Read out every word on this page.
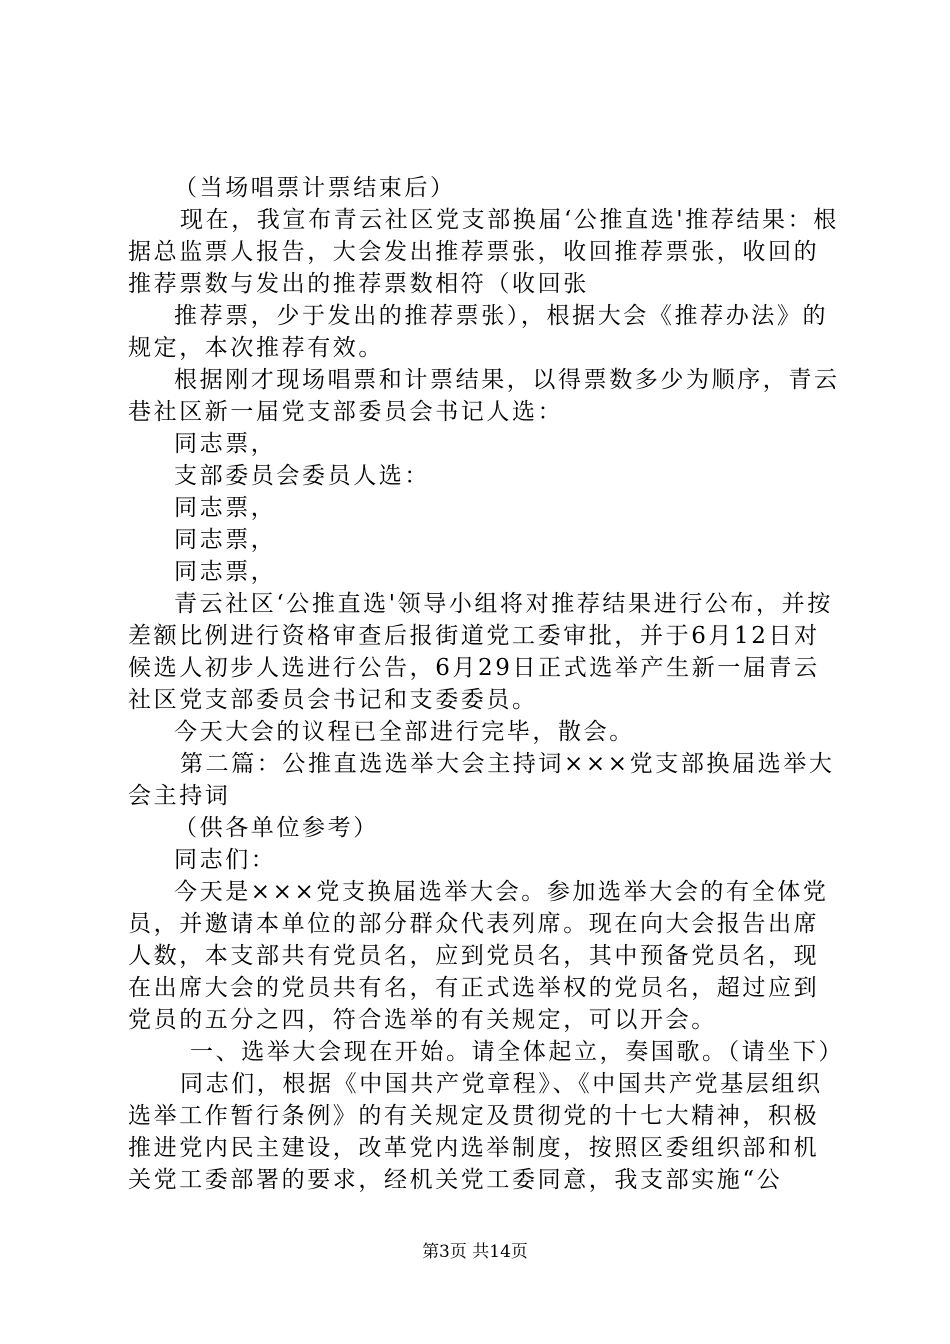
（当场唱票计票结束后）

现在，我宣布青云社区党支部换届‘公推直选'推荐结果：根据总监票人报告，大会发出推荐票张，收回推荐票张，收回的推荐票数与发出的推荐票数相符（收回张

推荐票，少于发出的推荐票张），根据大会《推荐办法》的规定，本次推荐有效。

根据刚才现场唱票和计票结果，以得票数多少为顺序，青云巷社区新一届党支部委员会书记人选：

同志票，

支部委员会委员人选：

同志票，

同志票，

同志票，

青云社区‘公推直选'领导小组将对推荐结果进行公布，并按差额比例进行资格审查后报街道党工委审批，并于6月12日对候选人初步人选进行公告，6月29日正式选举产生新一届青云社区党支部委员会书记和支委委员。

今天大会的议程已全部进行完毕，散会。

第二篇：公推直选选举大会主持词×××党支部换届选举大会主持词

（供各单位参考）

同志们：

今天是×××党支换届选举大会。参加选举大会的有全体党员，并邀请本单位的部分群众代表列席。现在向大会报告出席人数，本支部共有党员名，应到党员名，其中预备党员名，现在出席大会的党员共有名，有正式选举权的党员名，超过应到党员的五分之四，符合选举的有关规定，可以开会。

一、选举大会现在开始。请全体起立，奏国歌。（请坐下）

同志们，根据《中国共产党章程》、《中国共产党基层组织选举工作暂行条例》的有关规定及贯彻党的十七大精神，积极推进党内民主建设，改革党内选举制度，按照区委组织部和机关党工委部署的要求，经机关党工委同意，我支部实施“公

第3页 共14页
